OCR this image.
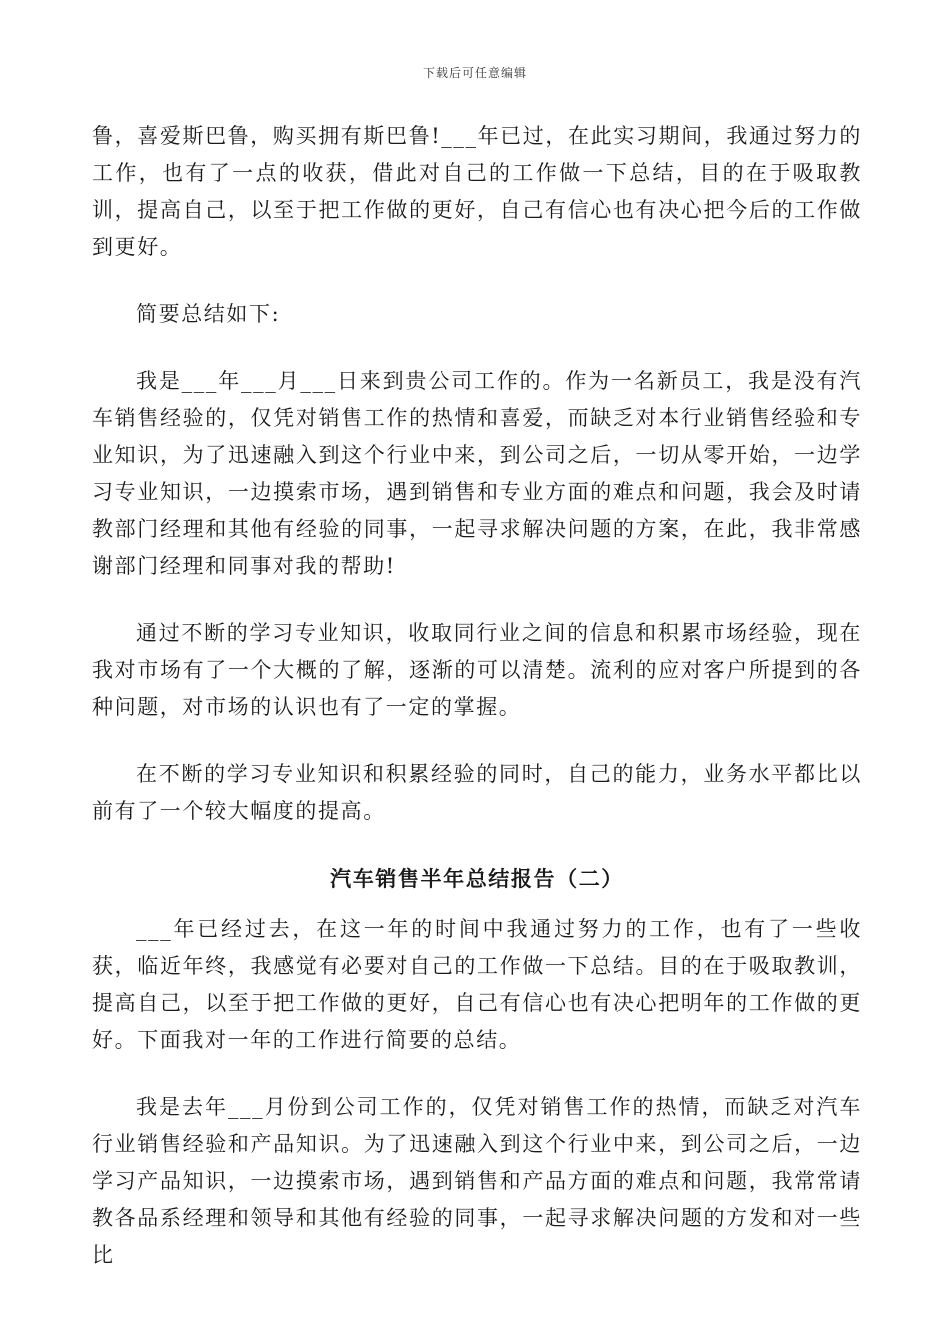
下载后可任意编辑

鲁，喜爱斯巴鲁，购买拥有斯巴鲁!___年已过，在此实习期间，我通过努力的工作，也有了一点的收获，借此对自己的工作做一下总结，目的在于吸取教训，提高自己，以至于把工作做的更好，自己有信心也有决心把今后的工作做到更好。

简要总结如下:

我是___年___月___日来到贵公司工作的。作为一名新员工，我是没有汽车销售经验的，仅凭对销售工作的热情和喜爱，而缺乏对本行业销售经验和专业知识，为了迅速融入到这个行业中来，到公司之后，一切从零开始，一边学习专业知识，一边摸索市场，遇到销售和专业方面的难点和问题，我会及时请教部门经理和其他有经验的同事，一起寻求解决问题的方案，在此，我非常感谢部门经理和同事对我的帮助!

通过不断的学习专业知识，收取同行业之间的信息和积累市场经验，现在我对市场有了一个大概的了解，逐渐的可以清楚。流利的应对客户所提到的各种问题，对市场的认识也有了一定的掌握。

在不断的学习专业知识和积累经验的同时，自己的能力，业务水平都比以前有了一个较大幅度的提高。

汽车销售半年总结报告（二）

___年已经过去，在这一年的时间中我通过努力的工作，也有了一些收获，临近年终，我感觉有必要对自己的工作做一下总结。目的在于吸取教训，提高自己，以至于把工作做的更好，自己有信心也有决心把明年的工作做的更好。下面我对一年的工作进行简要的总结。

我是去年___月份到公司工作的，仅凭对销售工作的热情，而缺乏对汽车行业销售经验和产品知识。为了迅速融入到这个行业中来，到公司之后，一边学习产品知识，一边摸索市场，遇到销售和产品方面的难点和问题，我常常请教各品系经理和领导和其他有经验的同事，一起寻求解决问题的方发和对一些比
